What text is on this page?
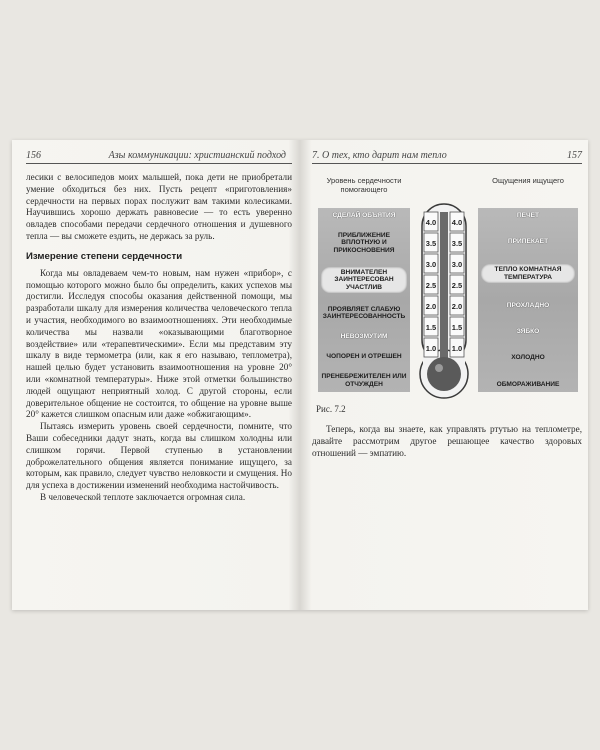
156	Азы коммуникации: христианский подход

лесики с велосипедов моих малышей, пока дети не приобретали умение обходиться без них. Пусть рецепт «приготовления» сердечности на первых порах послужит вам такими колесиками. Научившись хорошо держать равновесие — то есть уверенно овладев способами передачи сердечного отношения и душевного тепла — вы сможете ездить, не держась за руль.

Измерение степени сердечности

Когда мы овладеваем чем-то новым, нам нужен «прибор», с помощью которого можно было бы определить, каких успехов мы достигли. Исследуя способы оказания действенной помощи, мы разработали шкалу для измерения количества человеческого тепла и участия, необходимого во взаимоотношениях. Эти необходимые количества мы назвали «оказывающими благотворное воздействие» или «терапевтическими». Если мы представим эту шкалу в виде термометра (или, как я его называю, теплометра), нашей целью будет установить взаимоотношения на уровне 20° или «комнатной температуры». Ниже этой отметки большинство людей ощущают неприятный холод. С другой стороны, если доверительное общение не состоится, то общение на уровне выше 20° кажется слишком опасным или даже «обжигающим».

Пытаясь измерить уровень своей сердечности, помните, что Ваши собеседники дадут знать, когда вы слишком холодны или слишком горячи. Первой ступенью в установлении доброжелательного общения является понимание ищущего, за которым, как правило, следует чувство неловкости и смущения. Но для успеха в достижении изменений необходима настойчивость.

В человеческой теплоте заключается огромная сила.

7. О тех, кто дарит нам тепло	157
Уровень сердечности помогающего
Ощущения ищущего
СДЕЛАЙ ОБЪЯТИЯ
ПРИБЛИЖЕНИЕ ВПЛОТНУЮ И ПРИКОСНОВЕНИЯ
ВНИМАТЕЛЕН ЗАИНТЕРЕСОВАН УЧАСТЛИВ
ПРОЯВЛЯЕТ СЛАБУЮ ЗАИНТЕРЕСОВАННОСТЬ
НЕВОЗМУТИМ
ЧОПОРЕН И ОТРЕШЕН
ПРЕНЕБРЕЖИТЕЛЕН ИЛИ ОТЧУЖДЕН
ПЕЧЕТ
ПРИПЕКАЕТ
ТЕПЛО КОМНАТНАЯ ТЕМПЕРАТУРА
ПРОХЛАДНО
ЗЯБКО
ХОЛОДНО
ОБМОРАЖИВАНИЕ
4.0
3.5
3.0
2.5
2.0
1.5
1.0
4.0
3.5
3.0
2.5
2.0
1.5
1.0
Рис. 7.2

Теперь, когда вы знаете, как управлять ртутью на теплометре, давайте рассмотрим другое решающее качество здоровых отношений — эмпатию.
